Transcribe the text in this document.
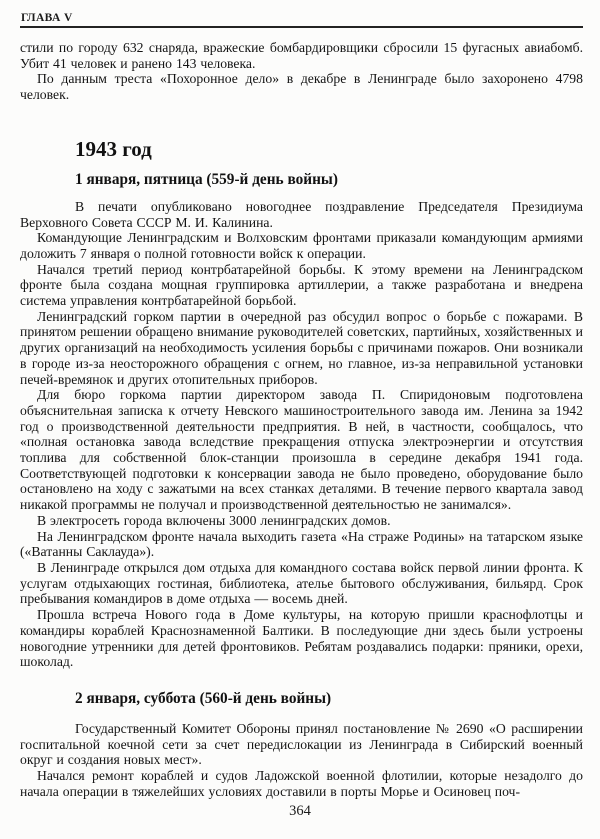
ГЛАВА V

стили по городу 632 снаряда, вражеские бомбардировщики сбросили 15 фугасных авиабомб. Убит 41 человек и ранено 143 человека.

По данным треста «Похоронное дело» в декабре в Ленинграде было захоронено 4798 человек.

1943 год
1 января, пятница (559-й день войны)

В печати опубликовано новогоднее поздравление Председателя Президиума Верховного Совета СССР М. И. Калинина.

Командующие Ленинградским и Волховским фронтами приказали командующим армиями доложить 7 января о полной готовности войск к операции.

Начался третий период контрбатарейной борьбы. К этому времени на Ленинградском фронте была создана мощная группировка артиллерии, а также разработана и внедрена система управления контрбатарейной борьбой.

Ленинградский горком партии в очередной раз обсудил вопрос о борьбе с пожарами. В принятом решении обращено внимание руководителей советских, партийных, хозяйственных и других организаций на необходимость усиления борьбы с причинами пожаров. Они возникали в городе из-за неосторожного обращения с огнем, но главное, из-за неправильной установки печей-времянок и других отопительных приборов.

Для бюро горкома партии директором завода П. Спиридоновым подготовлена объяснительная записка к отчету Невского машиностроительного завода им. Ленина за 1942 год о производственной деятельности предприятия. В ней, в частности, сообщалось, что «полная остановка завода вследствие прекращения отпуска электроэнергии и отсутствия топлива для собственной блок-станции произошла в середине декабря 1941 года. Соответствующей подготовки к консервации завода не было проведено, оборудование было остановлено на ходу с зажатыми на всех станках деталями. В течение первого квартала завод никакой программы не получал и производственной деятельностью не занимался».

В электросеть города включены 3000 ленинградских домов.

На Ленинградском фронте начала выходить газета «На страже Родины» на татарском языке («Ватанны Саклауда»).

В Ленинграде открылся дом отдыха для командного состава войск первой линии фронта. К услугам отдыхающих гостиная, библиотека, ателье бытового обслуживания, бильярд. Срок пребывания командиров в доме отдыха — восемь дней.

Прошла встреча Нового года в Доме культуры, на которую пришли краснофлотцы и командиры кораблей Краснознаменной Балтики. В последующие дни здесь были устроены новогодние утренники для детей фронтовиков. Ребятам роздавались подарки: пряники, орехи, шоколад.

2 января, суббота (560-й день войны)

Государственный Комитет Обороны принял постановление № 2690 «О расширении госпитальной коечной сети за счет передислокации из Ленинграда в Сибирский военный округ и создания новых мест».

Начался ремонт кораблей и судов Ладожской военной флотилии, которые незадолго до начала операции в тяжелейших условиях доставили в порты Морье и Осиновец поч-

364
